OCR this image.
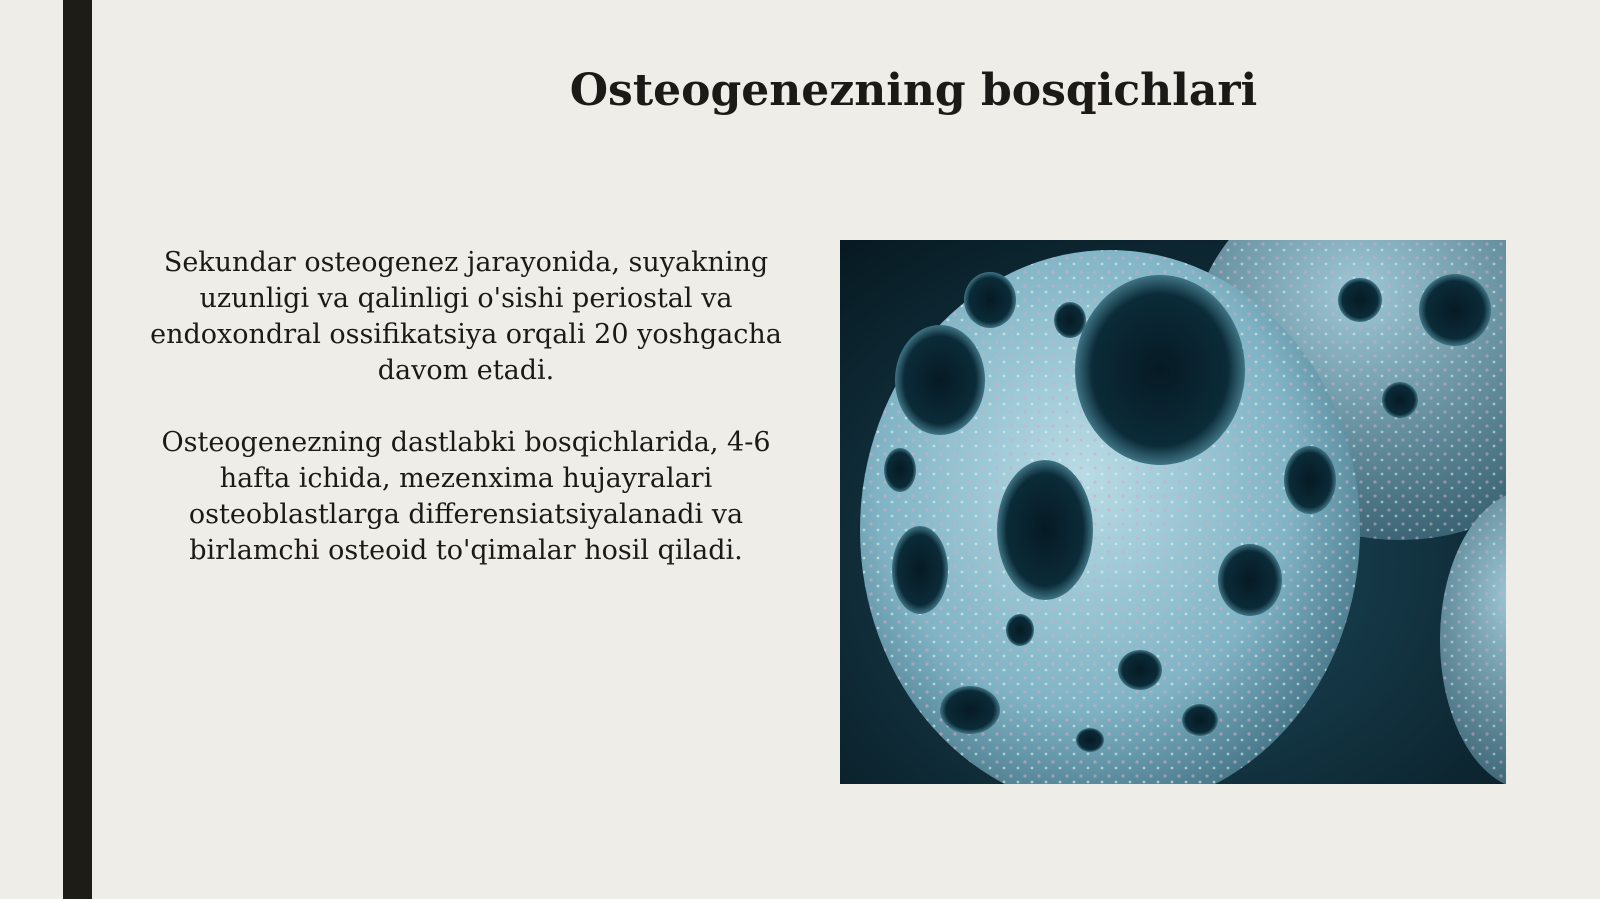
Osteogenezning bosqichlari

Sekundar osteogenez jarayonida, suyakning uzunligi va qalinligi o'sishi periostal va endoxondral ossifikatsiya orqali 20 yoshgacha davom etadi.

Osteogenezning dastlabki bosqichlarida, 4-6 hafta ichida, mezenxima hujayralari osteoblastlarga differensiatsiyalanadi va birlamchi osteoid to'qimalar hosil qiladi.
